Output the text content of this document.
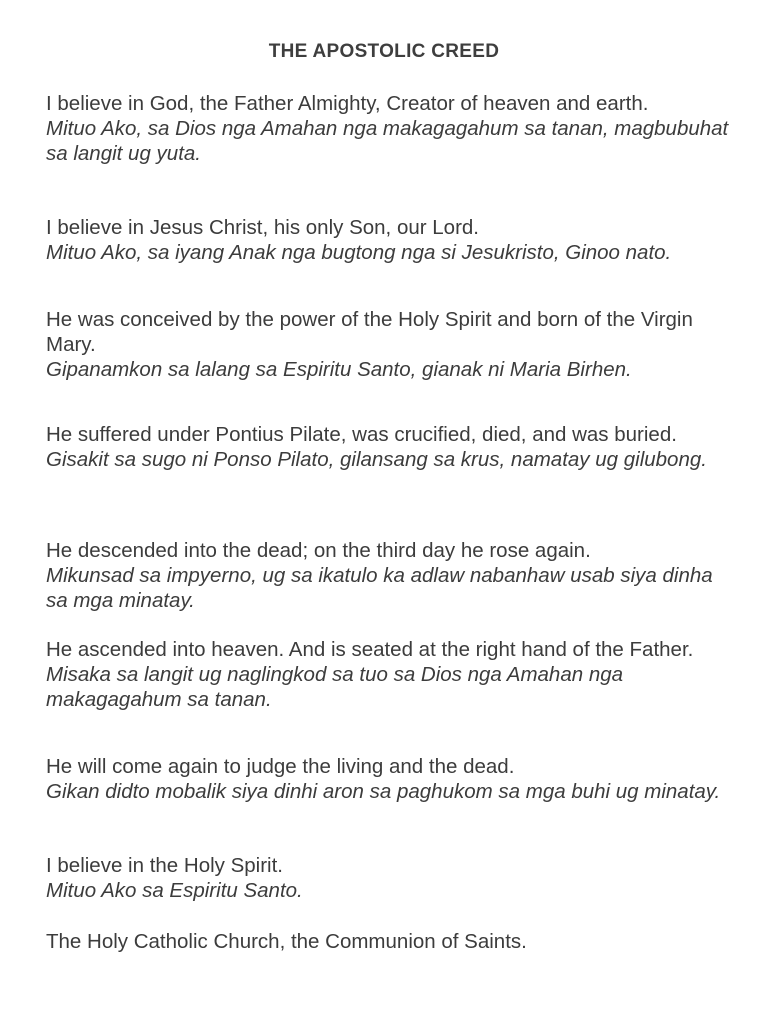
THE APOSTOLIC CREED
I believe in God, the Father Almighty, Creator of heaven and earth.
Mituo Ako, sa Dios nga Amahan nga makagagahum sa tanan, magbubuhat sa langit ug yuta.
I believe in Jesus Christ, his only Son, our Lord.
Mituo Ako, sa iyang Anak nga bugtong nga si Jesukristo, Ginoo nato.
He was conceived by the power of the Holy Spirit and born of the Virgin Mary.
Gipanamkon sa lalang sa Espiritu Santo, gianak ni Maria Birhen.
He suffered under Pontius Pilate, was crucified, died, and was buried.
Gisakit sa sugo ni Ponso Pilato, gilansang sa krus, namatay ug gilubong.
He descended into the dead; on the third day he rose again.
Mikunsad sa impyerno, ug sa ikatulo ka adlaw nabanhaw usab siya dinha sa mga minatay.
He ascended into heaven. And is seated at the right hand of the Father.
Misaka sa langit ug naglingkod sa tuo sa Dios nga Amahan nga makagagahum sa tanan.
He will come again to judge the living and the dead.
Gikan didto mobalik siya dinhi aron sa paghukom sa mga buhi ug minatay.
I believe in the Holy Spirit.
Mituo Ako sa Espiritu Santo.
The Holy Catholic Church, the Communion of Saints.
